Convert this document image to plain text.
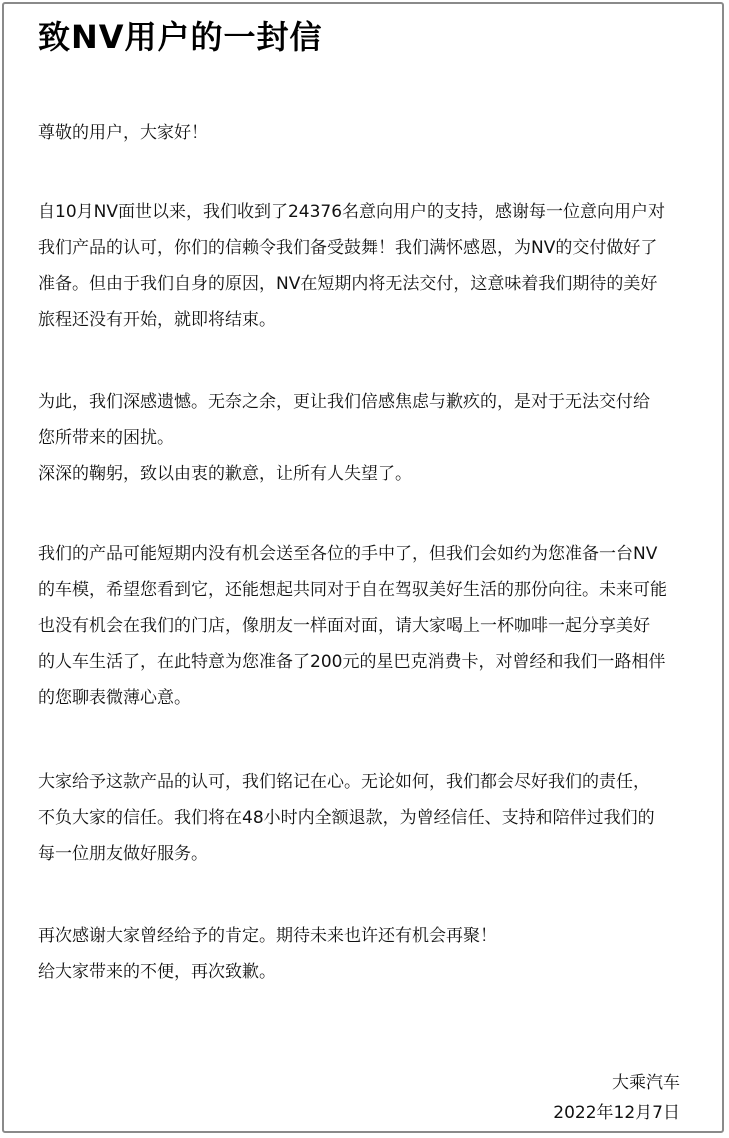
致NV用户的一封信

尊敬的用户，大家好！

自10月NV面世以来，我们收到了24376名意向用户的支持，感谢每一位意向用户对
我们产品的认可，你们的信赖令我们备受鼓舞！我们满怀感恩，为NV的交付做好了
准备。但由于我们自身的原因，NV在短期内将无法交付，这意味着我们期待的美好
旅程还没有开始，就即将结束。

为此，我们深感遗憾。无奈之余，更让我们倍感焦虑与歉疚的，是对于无法交付给
您所带来的困扰。
深深的鞠躬，致以由衷的歉意，让所有人失望了。

我们的产品可能短期内没有机会送至各位的手中了，但我们会如约为您准备一台NV
的车模，希望您看到它，还能想起共同对于自在驾驭美好生活的那份向往。未来可能
也没有机会在我们的门店，像朋友一样面对面，请大家喝上一杯咖啡一起分享美好
的人车生活了，在此特意为您准备了200元的星巴克消费卡，对曾经和我们一路相伴
的您聊表微薄心意。

大家给予这款产品的认可，我们铭记在心。无论如何，我们都会尽好我们的责任，
不负大家的信任。我们将在48小时内全额退款，为曾经信任、支持和陪伴过我们的
每一位朋友做好服务。

再次感谢大家曾经给予的肯定。期待未来也许还有机会再聚！
给大家带来的不便，再次致歉。

大乘汽车
2022年12月7日
